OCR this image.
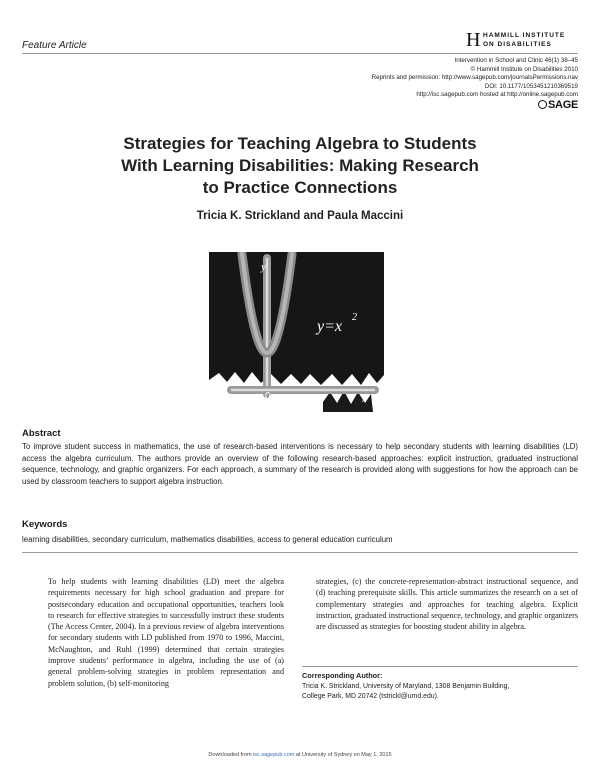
Feature Article	H HAMMILL INSTITUTE
ON DISABILITIES
Intervention in School and Clinic 46(1) 38–45
© Hammill Institute on Disabilities 2010
Reprints and permission: http://www.sagepub.com/journalsPermissions.nav
DOI: 10.1177/1053451210369519
http://isc.sagepub.com hosted at http://online.sagepub.com
SAGE
Strategies for Teaching Algebra to Students
With Learning Disabilities: Making Research
to Practice Connections
Tricia K. Strickland and Paula Maccini
y
0	x
y=x
2
Abstract
To improve student success in mathematics, the use of research-based interventions is necessary to help secondary students with learning disabilities (LD) access the algebra curriculum. The authors provide an overview of the following research-based approaches: explicit instruction, graduated instructional sequence, technology, and graphic organizers. For each approach, a summary of the research is provided along with suggestions for how the approach can be used by classroom teachers to support algebra instruction.
Keywords
learning disabilities, secondary curriculum, mathematics disabilities, access to general education curriculum
To help students with learning disabilities (LD) meet the algebra requirements necessary for high school graduation and prepare for postsecondary education and occupational opportunities, teachers look to research for effective strategies to successfully instruct these students (The Access Center, 2004). In a previous review of algebra interventions for secondary students with LD published from 1970 to 1996, Maccini, McNaughton, and Ruhl (1999) determined that certain strategies improve students’ performance in algebra, including the use of (a) general problem-solving strategies in problem representation and problem solution, (b) self-monitoring
strategies, (c) the concrete-representation-abstract instructional sequence, and (d) teaching prerequisite skills. This article summarizes the research on a set of complementary strategies and approaches for teaching algebra. Explicit instruction, graduated instructional sequence, technology, and graphic organizers are discussed as strategies for boosting student ability in algebra.
Corresponding Author:
Tricia K. Strickland, University of Maryland, 1308 Benjamin Building,
College Park, MD 20742 (tstrickl@umd.edu).
Downloaded from isc.sagepub.com at University of Sydney on May 1, 2015
